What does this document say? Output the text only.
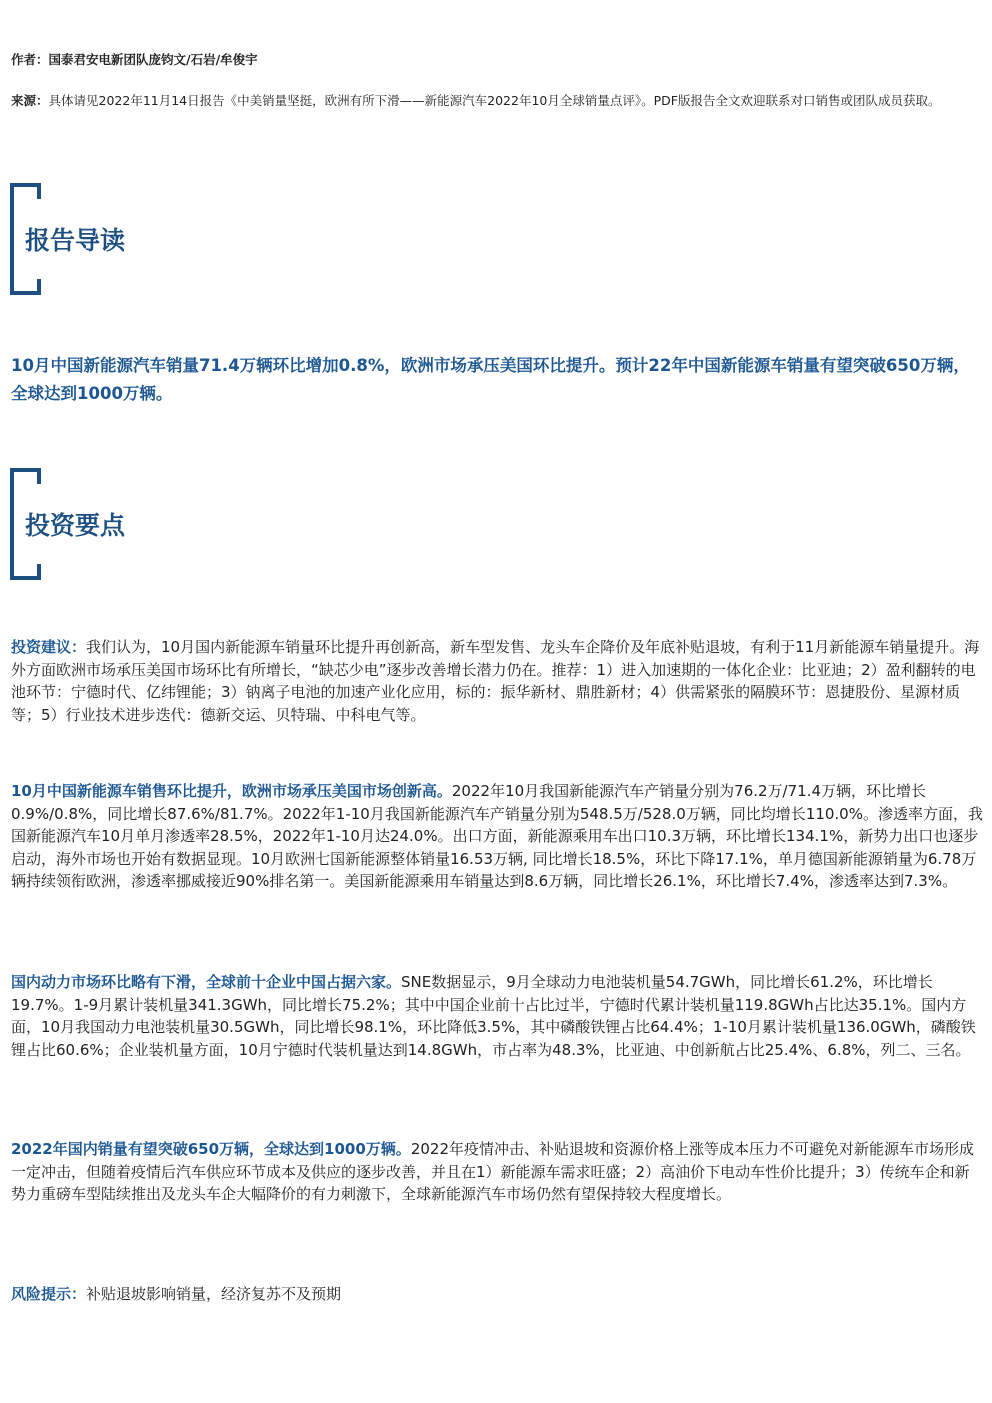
作者：国泰君安电新团队庞钧文/石岩/牟俊宇
来源：具体请见2022年11月14日报告《中美销量坚挺，欧洲有所下滑——新能源汽车2022年10月全球销量点评》。PDF版报告全文欢迎联系对口销售或团队成员获取。
报告导读
10月中国新能源汽车销量71.4万辆环比增加0.8%，欧洲市场承压美国环比提升。预计22年中国新能源车销量有望突破650万辆，全球达到1000万辆。
投资要点
投资建议：我们认为，10月国内新能源车销量环比提升再创新高，新车型发售、龙头车企降价及年底补贴退坡，有利于11月新能源车销量提升。海外方面欧洲市场承压美国市场环比有所增长，“缺芯少电”逐步改善增长潜力仍在。推荐：1）进入加速期的一体化企业：比亚迪；2）盈利翻转的电池环节：宁德时代、亿纬锂能；3）钠离子电池的加速产业化应用，标的：振华新材、鼎胜新材；4）供需紧张的隔膜环节：恩捷股份、星源材质等；5）行业技术进步迭代：德新交运、贝特瑞、中科电气等。
10月中国新能源车销售环比提升，欧洲市场承压美国市场创新高。2022年10月我国新能源汽车产销量分别为76.2万/71.4万辆，环比增长0.9%/0.8%，同比增长87.6%/81.7%。2022年1-10月我国新能源汽车产销量分别为548.5万/528.0万辆，同比均增长110.0%。渗透率方面，我国新能源汽车10月单月渗透率28.5%，2022年1-10月达24.0%。出口方面，新能源乘用车出口10.3万辆，环比增长134.1%，新势力出口也逐步启动，海外市场也开始有数据显现。10月欧洲七国新能源整体销量16.53万辆, 同比增长18.5%，环比下降17.1%，单月德国新能源销量为6.78万辆持续领衔欧洲，渗透率挪威接近90%排名第一。美国新能源乘用车销量达到8.6万辆，同比增长26.1%，环比增长7.4%，渗透率达到7.3%。
国内动力市场环比略有下滑，全球前十企业中国占据六家。SNE数据显示，9月全球动力电池装机量54.7GWh，同比增长61.2%，环比增长19.7%。1-9月累计装机量341.3GWh，同比增长75.2%；其中中国企业前十占比过半，宁德时代累计装机量119.8GWh占比达35.1%。国内方面，10月我国动力电池装机量30.5GWh，同比增长98.1%，环比降低3.5%，其中磷酸铁锂占比64.4%；1-10月累计装机量136.0GWh，磷酸铁锂占比60.6%；企业装机量方面，10月宁德时代装机量达到14.8GWh，市占率为48.3%，比亚迪、中创新航占比25.4%、6.8%，列二、三名。
2022年国内销量有望突破650万辆，全球达到1000万辆。2022年疫情冲击、补贴退坡和资源价格上涨等成本压力不可避免对新能源车市场形成一定冲击，但随着疫情后汽车供应环节成本及供应的逐步改善，并且在1）新能源车需求旺盛；2）高油价下电动车性价比提升；3）传统车企和新势力重磅车型陆续推出及龙头车企大幅降价的有力刺激下，全球新能源汽车市场仍然有望保持较大程度增长。
风险提示：补贴退坡影响销量，经济复苏不及预期
